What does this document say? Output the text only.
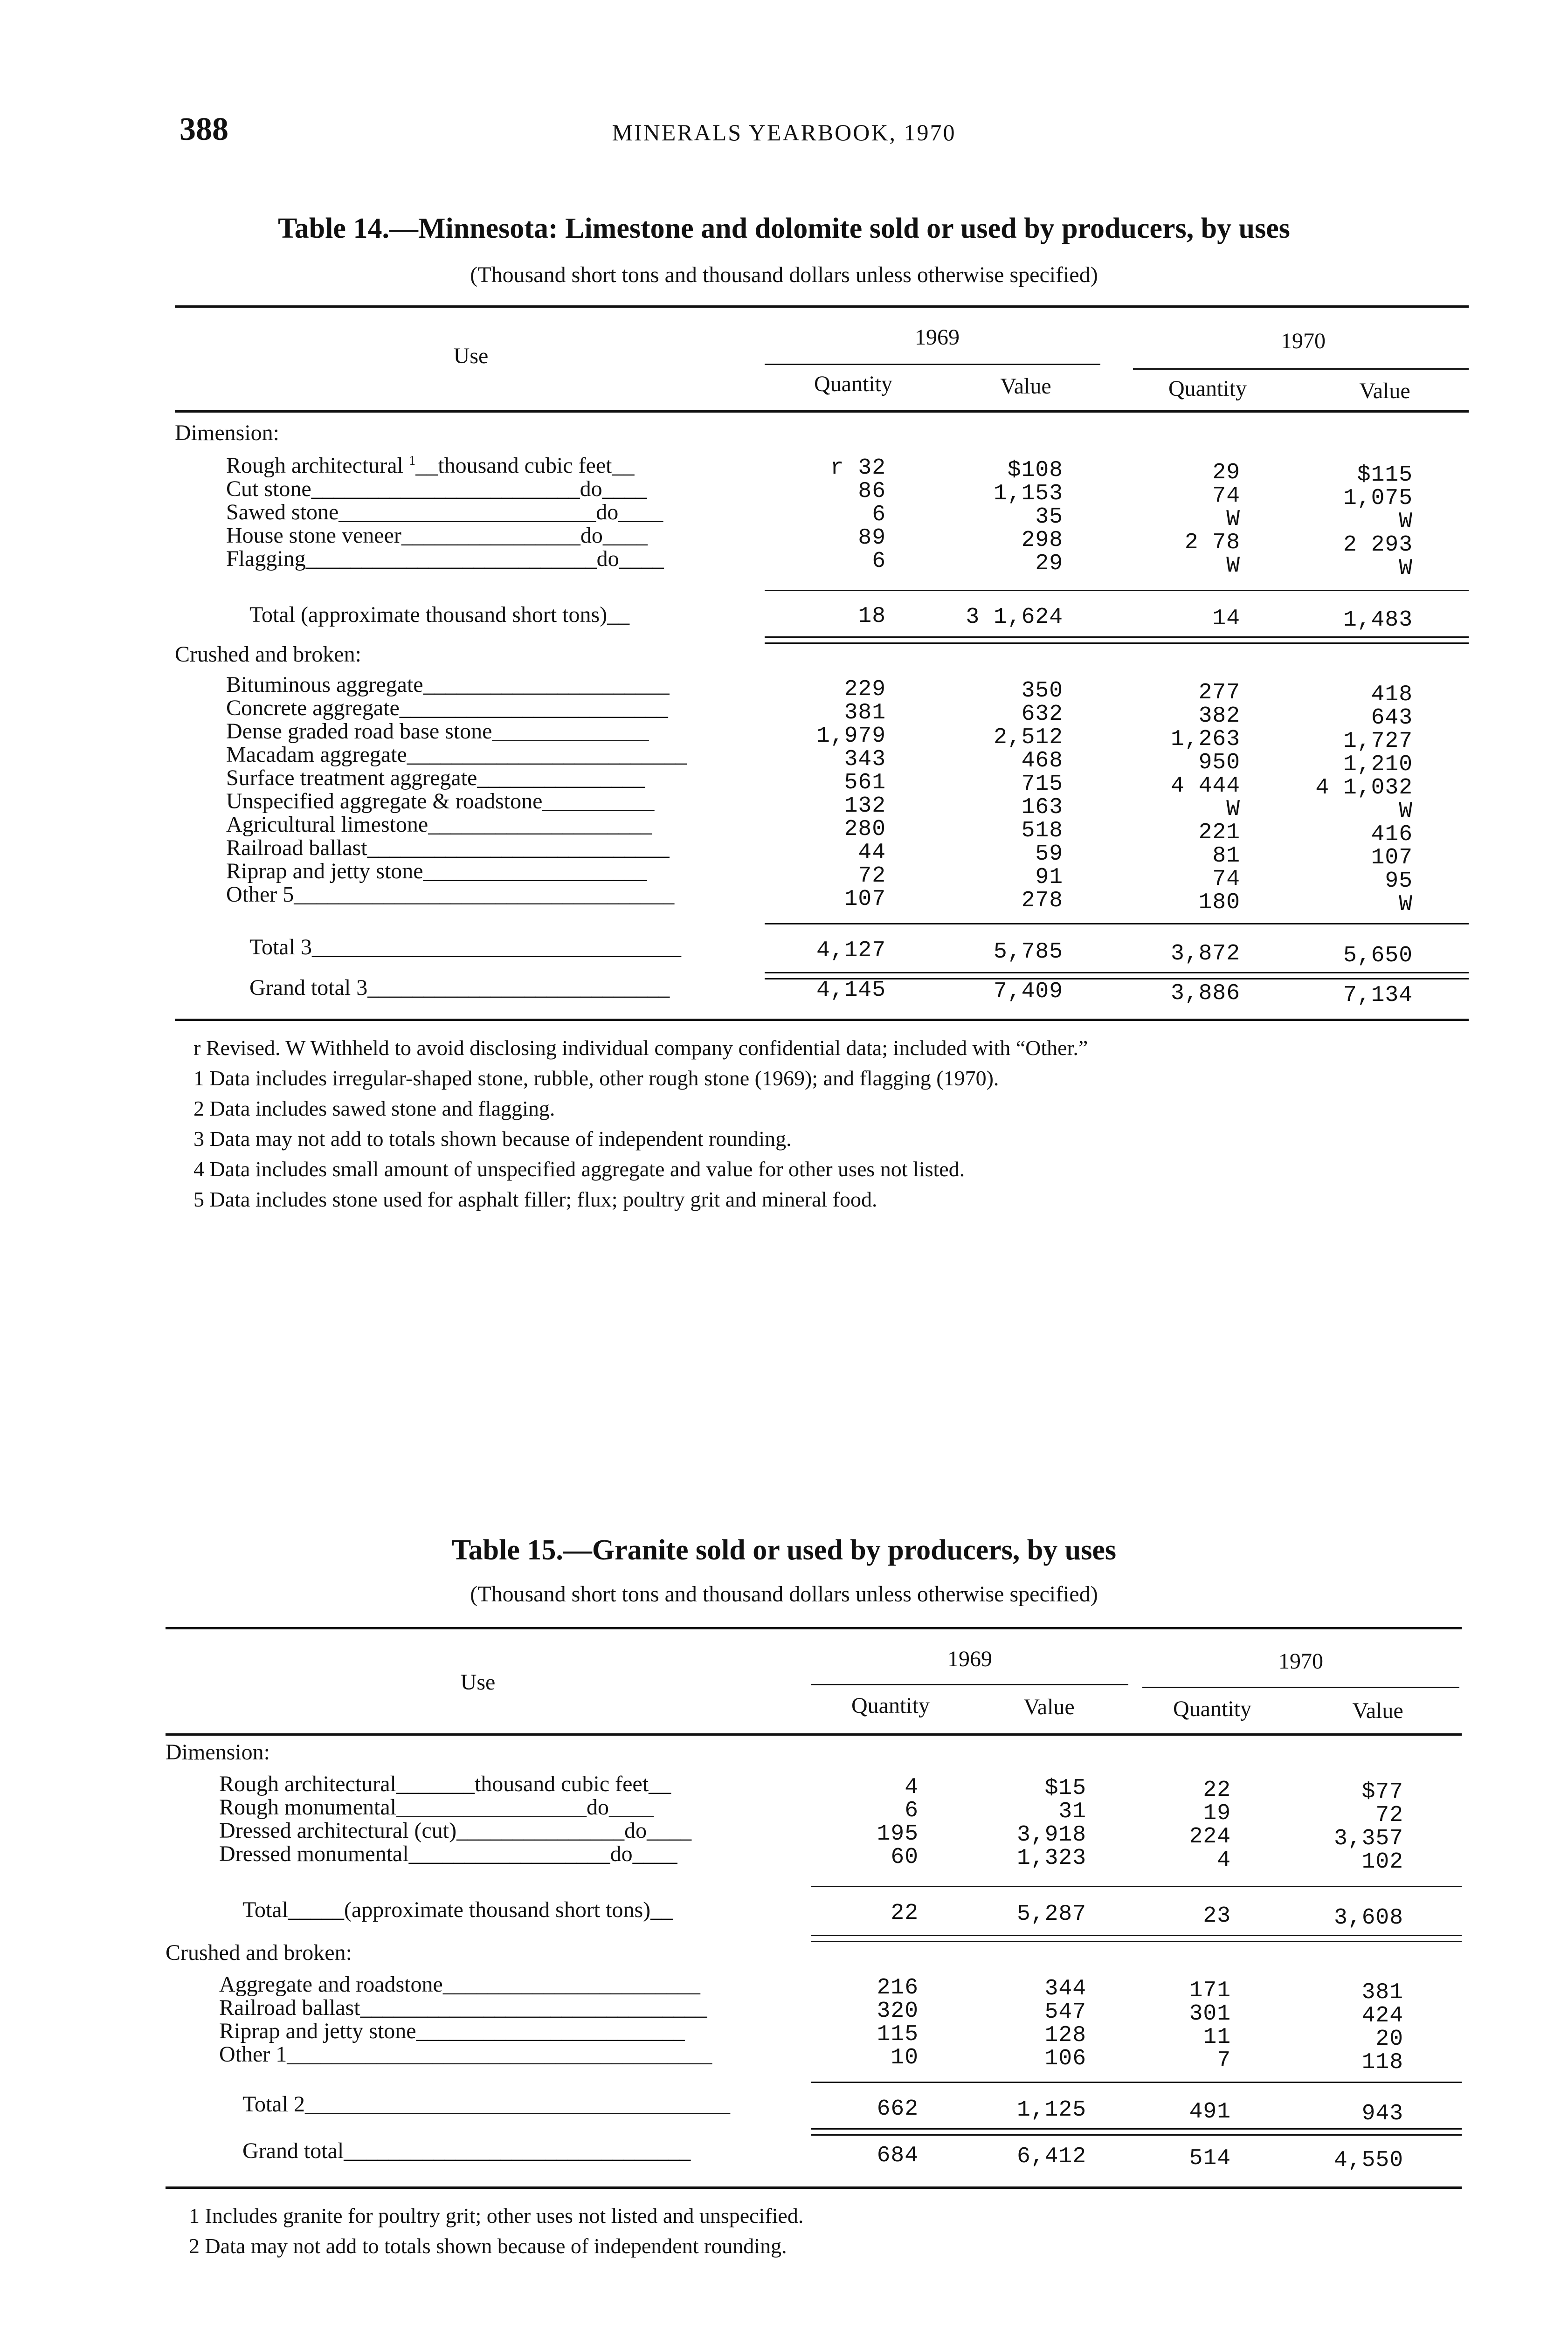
388	MINERALS YEARBOOK, 1970
Table 14.—Minnesota: Limestone and dolomite sold or used by producers, by uses
(Thousand short tons and thousand dollars unless otherwise specified)
Use
1969	1970
Quantity	Value	Quantity	Value
Dimension:
Rough architectural $^1$__thousand cubic feet__	r 32	$108	29	$115
Cut stone________________________do____	86	1,153	74	1,075
Sawed stone_______________________do____	6	35	W	W
House stone veneer________________do____	89	298	2 78	2 293
Flagging__________________________do____	6	29	W	W
Total (approximate thousand short tons)__	18	3 1,624	14	1,483
Crushed and broken:
Bituminous aggregate______________________	229	350	277	418
Concrete aggregate________________________	381	632	382	643
Dense graded road base stone______________	1,979	2,512	1,263	1,727
Macadam aggregate_________________________	343	468	950	1,210
Surface treatment aggregate_______________	561	715	4 444	4 1,032
Unspecified aggregate & roadstone__________	132	163	W	W
Agricultural limestone____________________	280	518	221	416
Railroad ballast___________________________	44	59	81	107
Riprap and jetty stone____________________	72	91	74	95
Other 5__________________________________	107	278	180	W
Total 3_________________________________	4,127	5,785	3,872	5,650
Grand total 3___________________________	4,145	7,409	3,886	7,134
r Revised. W Withheld to avoid disclosing individual company confidential data; included with “Other.”
1 Data includes irregular-shaped stone, rubble, other rough stone (1969); and flagging (1970).
2 Data includes sawed stone and flagging.
3 Data may not add to totals shown because of independent rounding.
4 Data includes small amount of unspecified aggregate and value for other uses not listed.
5 Data includes stone used for asphalt filler; flux; poultry grit and mineral food.
Table 15.—Granite sold or used by producers, by uses
(Thousand short tons and thousand dollars unless otherwise specified)
Use
1969	1970
Quantity	Value	Quantity	Value
Dimension:
Rough architectural_______thousand cubic feet__	4	$15	22	$77
Rough monumental_________________do____	6	31	19	72
Dressed architectural (cut)_______________do____	195	3,918	224	3,357
Dressed monumental__________________do____	60	1,323	4	102
Total_____(approximate thousand short tons)__	22	5,287	23	3,608
Crushed and broken:
Aggregate and roadstone_______________________	216	344	171	381
Railroad ballast_______________________________	320	547	301	424
Riprap and jetty stone________________________	115	128	11	20
Other 1______________________________________	10	106	7	118
Total 2______________________________________	662	1,125	491	943
Grand total_______________________________	684	6,412	514	4,550
1 Includes granite for poultry grit; other uses not listed and unspecified.
2 Data may not add to totals shown because of independent rounding.
